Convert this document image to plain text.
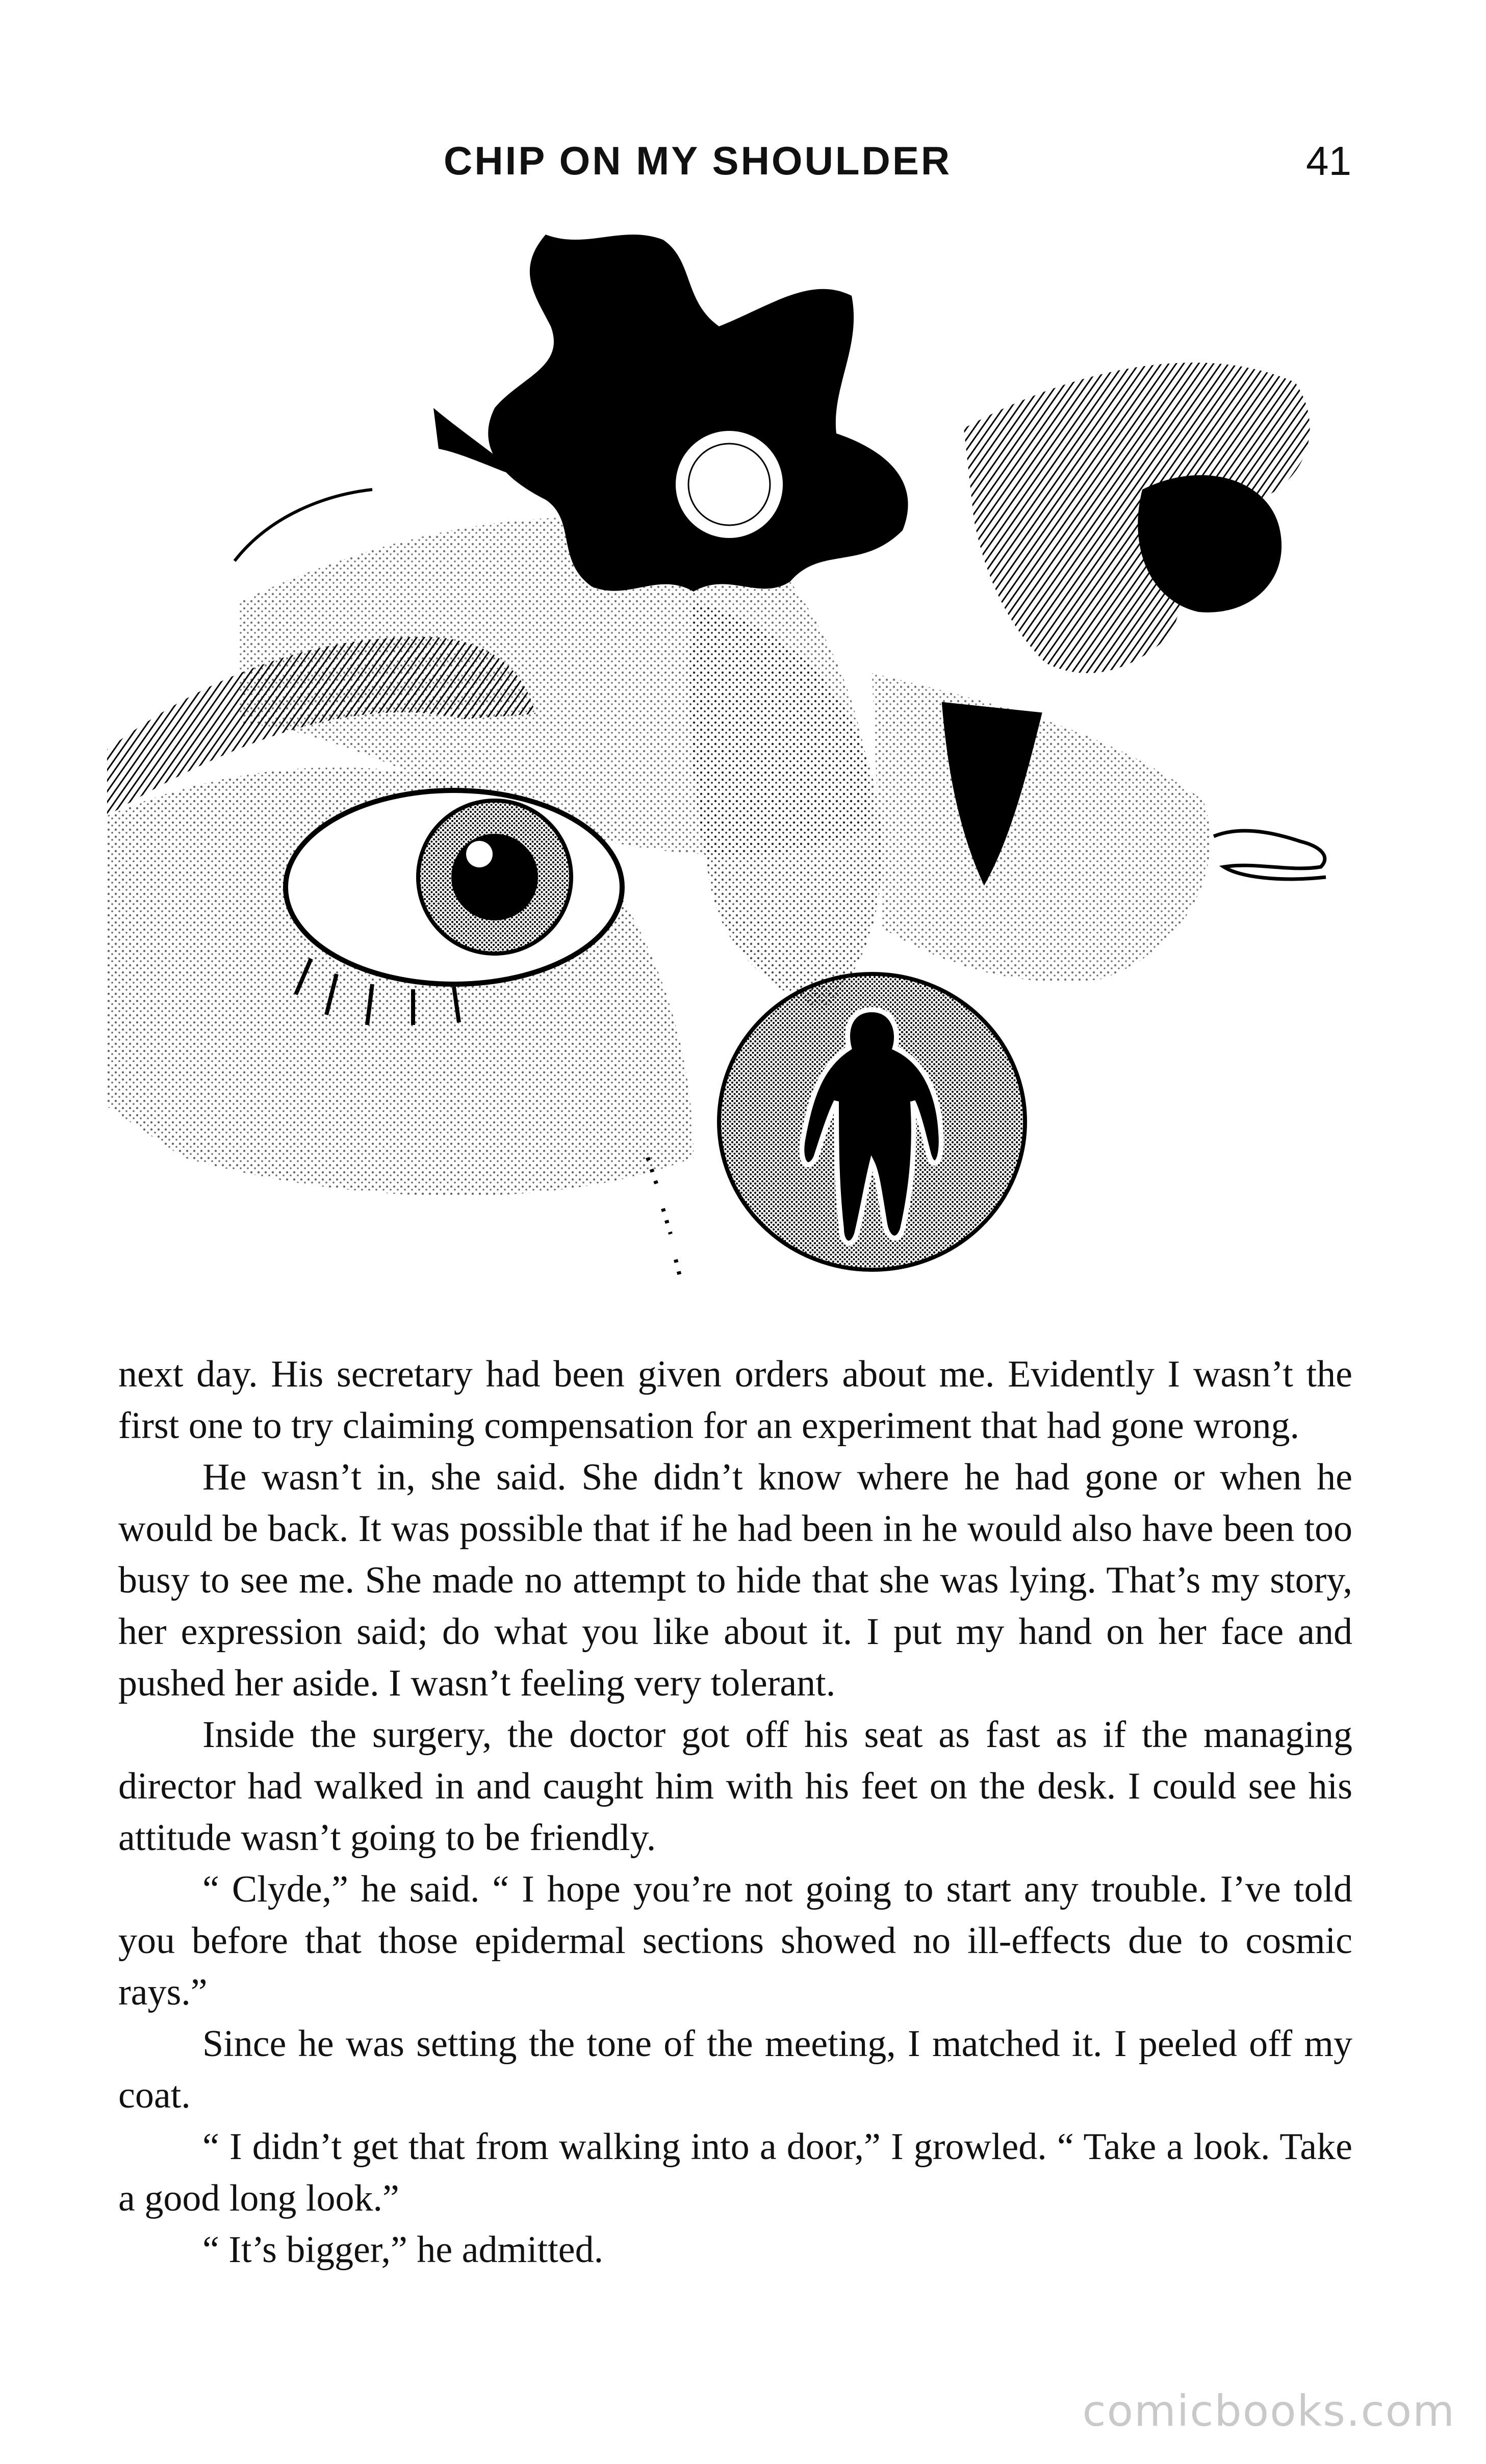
CHIP ON MY SHOULDER	41

next day. His secretary had been given orders about me. Evidently I wasn’t the first one to try claiming compensation for an experiment that had gone wrong.

He wasn’t in, she said. She didn’t know where he had gone or when he would be back. It was possible that if he had been in he would also have been too busy to see me. She made no attempt to hide that she was lying. That’s my story, her expression said; do what you like about it. I put my hand on her face and pushed her aside. I wasn’t feeling very tolerant.

Inside the surgery, the doctor got off his seat as fast as if the managing director had walked in and caught him with his feet on the desk. I could see his attitude wasn’t going to be friendly.

“ Clyde,” he said. “ I hope you’re not going to start any trouble. I’ve told you before that those epidermal sections showed no ill-effects due to cosmic rays.”

Since he was setting the tone of the meeting, I matched it. I peeled off my coat.

“ I didn’t get that from walking into a door,” I growled. “ Take a look. Take a good long look.”

“ It’s bigger,” he admitted.

comicbooks.com
